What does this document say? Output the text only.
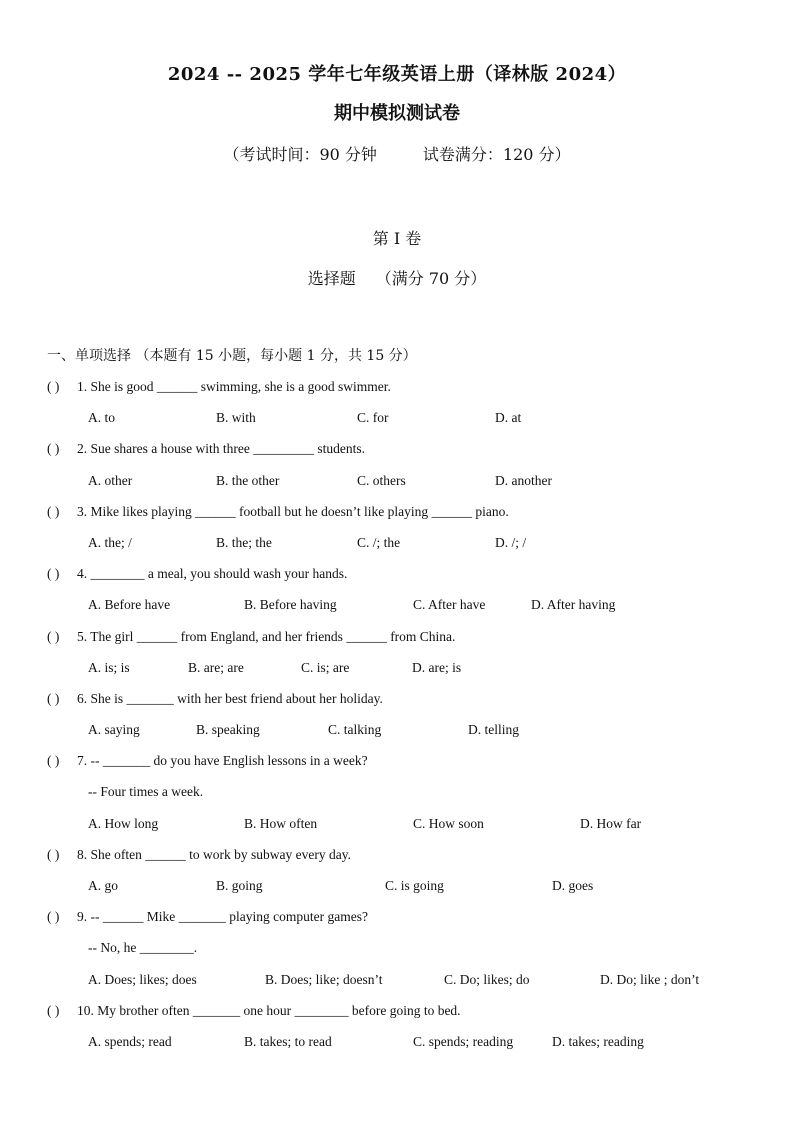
2024 -- 2025 学年七年级英语上册（译林版 2024）
期中模拟测试卷
（考试时间：90 分钟	试卷满分：120 分）
第 I 卷
选择题 （满分 70 分）
一、单项选择 （本题有 15 小题，每小题 1 分，共 15 分）
( ) 1. She is good ______ swimming, she is a good swimmer.
A. to	B. with	C. for	D. at
( ) 2. Sue shares a house with three _________ students.
A. other	B. the other	C. others	D. another
( ) 3. Mike likes playing ______ football but he doesn’t like playing ______ piano.
A. the; /	B. the; the	C. /; the	D. /; /
( ) 4. ________ a meal, you should wash your hands.
A. Before have	B. Before having	C. After have	D. After having
( ) 5. The girl ______ from England, and her friends ______ from China.
A. is; is	B. are; are	C. is; are	D. are; is
( ) 6. She is _______ with her best friend about her holiday.
A. saying	B. speaking	C. talking	D. telling
( ) 7. -- _______ do you have English lessons in a week?
-- Four times a week.
A. How long	B. How often	C. How soon	D. How far
( ) 8. She often ______ to work by subway every day.
A. go	B. going	C. is going	D. goes
( ) 9. -- ______ Mike _______ playing computer games?
-- No, he ________.
A. Does; likes; does	B. Does; like; doesn’t	C. Do; likes; do	D. Do; like ; don’t
( ) 10. My brother often _______ one hour ________ before going to bed.
A. spends; read	B. takes; to read	C. spends; reading	D. takes; reading
